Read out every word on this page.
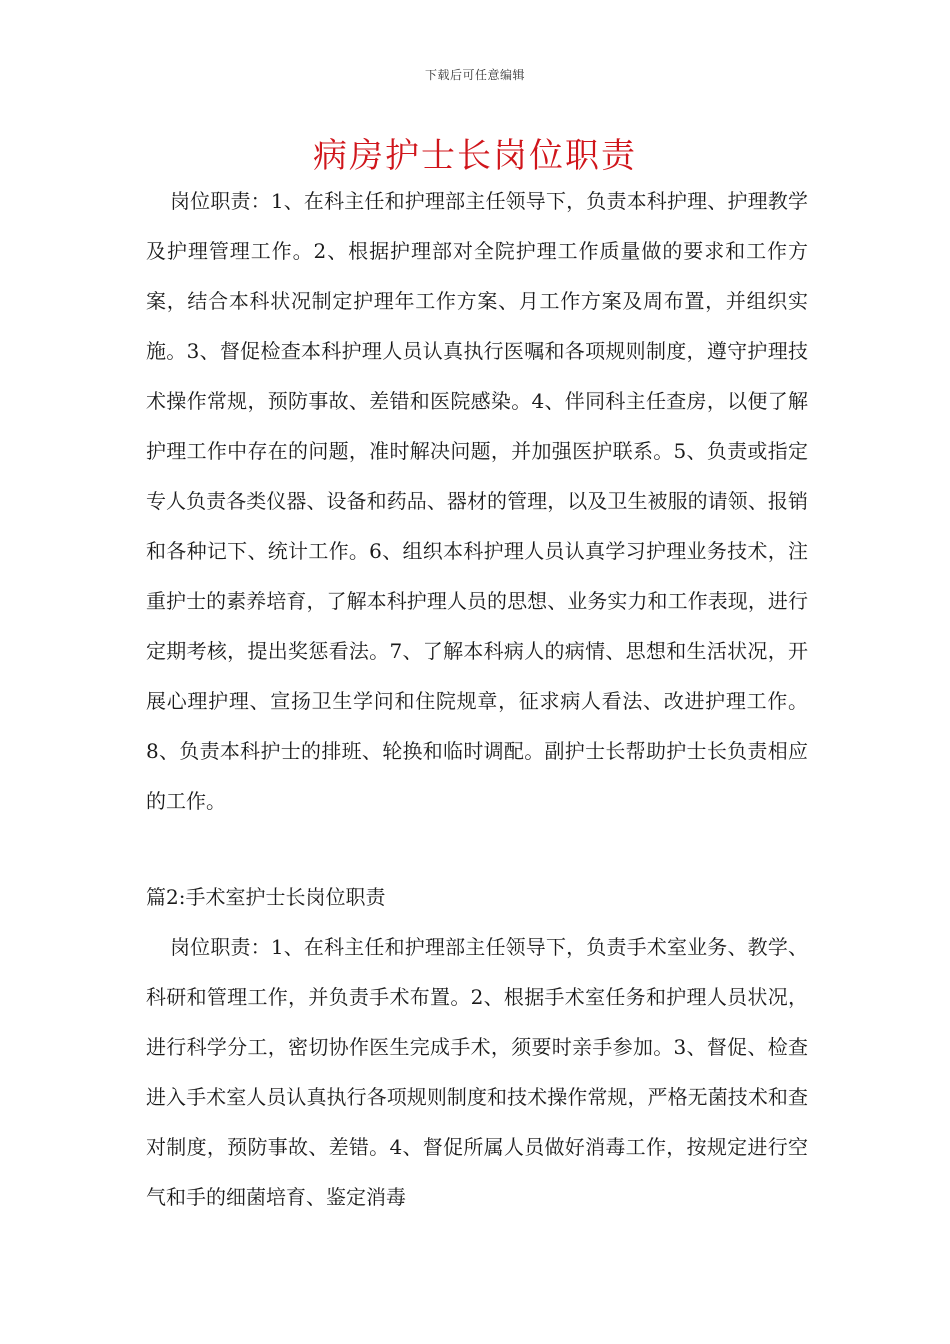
下载后可任意编辑
病房护士长岗位职责

岗位职责：1、在科主任和护理部主任领导下，负责本科护理、护理教学及护理管理工作。2、根据护理部对全院护理工作质量做的要求和工作方案，结合本科状况制定护理年工作方案、月工作方案及周布置，并组织实施。3、督促检查本科护理人员认真执行医嘱和各项规则制度，遵守护理技术操作常规，预防事故、差错和医院感染。4、伴同科主任查房，以便了解护理工作中存在的问题，准时解决问题，并加强医护联系。5、负责或指定专人负责各类仪器、设备和药品、器材的管理，以及卫生被服的请领、报销和各种记下、统计工作。6、组织本科护理人员认真学习护理业务技术，注重护士的素养培育，了解本科护理人员的思想、业务实力和工作表现，进行定期考核，提出奖惩看法。7、了解本科病人的病情、思想和生活状况，开展心理护理、宣扬卫生学问和住院规章，征求病人看法、改进护理工作。8、负责本科护士的排班、轮换和临时调配。副护士长帮助护士长负责相应的工作。

篇2:手术室护士长岗位职责

岗位职责：1、在科主任和护理部主任领导下，负责手术室业务、教学、科研和管理工作，并负责手术布置。2、根据手术室任务和护理人员状况，进行科学分工，密切协作医生完成手术，须要时亲手参加。3、督促、检查进入手术室人员认真执行各项规则制度和技术操作常规，严格无菌技术和查对制度，预防事故、差错。4、督促所属人员做好消毒工作，按规定进行空气和手的细菌培育、鉴定消毒
